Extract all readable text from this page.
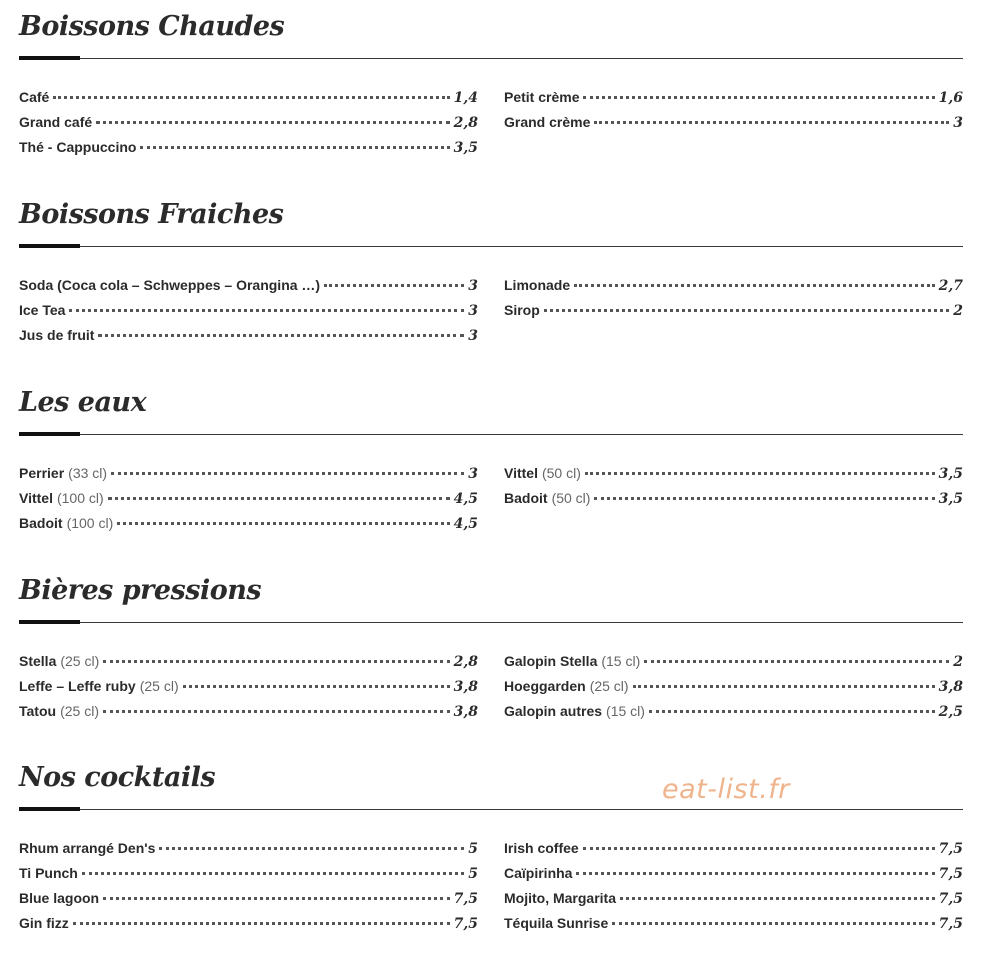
Boissons Chaudes
Café	1,4
Grand café	2,8
Thé - Cappuccino	3,5
Petit crème	1,6
Grand crème	3
Boissons Fraiches
Soda (Coca cola – Schweppes – Orangina …)	3
Ice Tea	3
Jus de fruit	3
Limonade	2,7
Sirop	2
Les eaux
Perrier (33 cl)	3
Vittel (100 cl)	4,5
Badoit (100 cl)	4,5
Vittel (50 cl)	3,5
Badoit (50 cl)	3,5
Bières pressions
Stella (25 cl)	2,8
Leffe – Leffe ruby (25 cl)	3,8
Tatou (25 cl)	3,8
Galopin Stella (15 cl)	2
Hoeggarden (25 cl)	3,8
Galopin autres (15 cl)	2,5
Nos cocktails
Rhum arrangé Den's	5
Ti Punch	5
Blue lagoon	7,5
Gin fizz	7,5
Irish coffee	7,5
Caïpirinha	7,5
Mojito, Margarita	7,5
Téquila Sunrise	7,5
eat-list.fr
